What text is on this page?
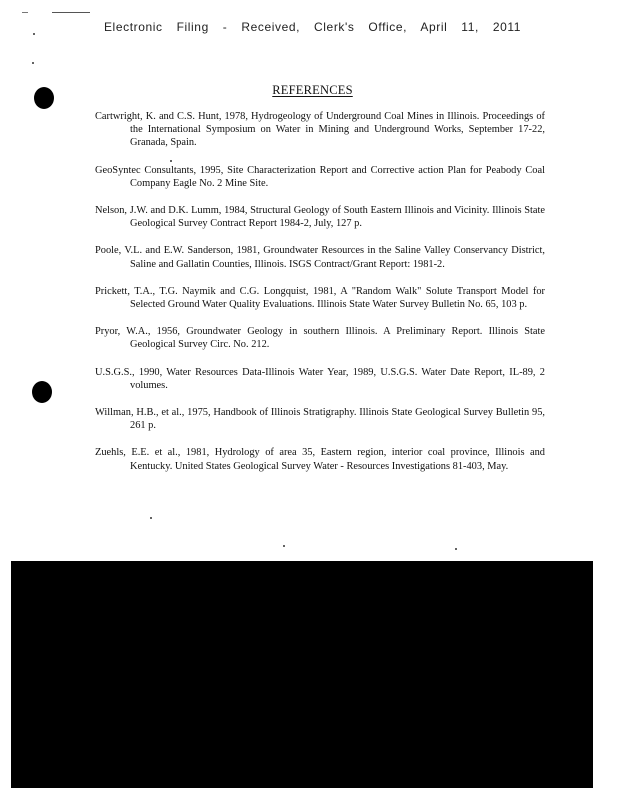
Electronic Filing - Received, Clerk's Office, April 11, 2011
REFERENCES
Cartwright, K. and C.S. Hunt, 1978, Hydrogeology of Underground Coal Mines in Illinois. Proceedings of the International Symposium on Water in Mining and Underground Works, September 17-22, Granada, Spain.
GeoSyntec Consultants, 1995, Site Characterization Report and Corrective action Plan for Peabody Coal Company Eagle No. 2 Mine Site.
Nelson, J.W. and D.K. Lumm, 1984, Structural Geology of South Eastern Illinois and Vicinity. Illinois State Geological Survey Contract Report 1984-2, July, 127 p.
Poole, V.L. and E.W. Sanderson, 1981, Groundwater Resources in the Saline Valley Conservancy District, Saline and Gallatin Counties, Illinois. ISGS Contract/Grant Report: 1981-2.
Prickett, T.A., T.G. Naymik and C.G. Longquist, 1981, A "Random Walk" Solute Transport Model for Selected Ground Water Quality Evaluations. Illinois State Water Survey Bulletin No. 65, 103 p.
Pryor, W.A., 1956, Groundwater Geology in southern Illinois. A Preliminary Report. Illinois State Geological Survey Circ. No. 212.
U.S.G.S., 1990, Water Resources Data-Illinois Water Year, 1989, U.S.G.S. Water Date Report, IL-89, 2 volumes.
Willman, H.B., et al., 1975, Handbook of Illinois Stratigraphy. Illinois State Geological Survey Bulletin 95, 261 p.
Zuehls, E.E. et al., 1981, Hydrology of area 35, Eastern region, interior coal province, Illinois and Kentucky. United States Geological Survey Water - Resources Investigations 81-403, May.
